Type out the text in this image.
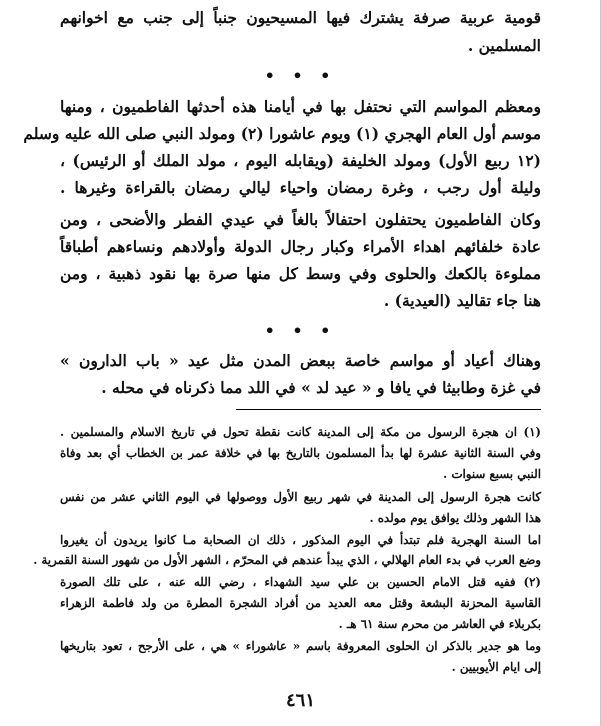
قومية عربية صرفة يشترك فيها المسيحيون جنباً إلى جنب مع اخوانهم
المسلمين .
• • •
ومعظم المواسم التي نحتفل بها في أيامنا هذه أحدثها الفاطميون ، ومنها
موسم أول العام الهجري (١) ويوم عاشورا (٢) ومولد النبي صلى الله عليه وسلم
(١٢ ربيع الأول) ومولد الخليفة (ويقابله اليوم ، مولد الملك أو الرئيس) ،
وليلة أول رجب ، وغرة رمضان واحياء ليالي رمضان بالقراءة وغيرها .
وكان الفاطميون يحتفلون احتفالاً بالغاً في عيدي الفطر والأضحى ، ومن
عادة خلفائهم اهداء الأمراء وكبار رجال الدولة وأولادهم ونساءهم أطباقاً
مملوءة بالكعك والحلوى وفي وسط كل منها صرة بها نقود ذهبية ، ومن
هنا جاء تقاليد (العيدية) .
• • •
وهناك أعياد أو مواسم خاصة ببعض المدن مثل عيد « باب الدارون »
في غزة وطابيثا في يافا و « عيد لد » في اللد مما ذكرناه في محله .
(١) ان هجرة الرسول من مكة إلى المدينة كانت نقطة تحول في تاريخ الاسلام والمسلمين .
وفي السنة الثانية عشرة لها بدأ المسلمون بالتاريخ بها في خلافة عمر بن الخطاب أي بعد وفاة
النبي بسبع سنوات .
كانت هجرة الرسول إلى المدينة في شهر ربيع الأول ووصولها في اليوم الثاني عشر من نفس
هذا الشهر وذلك يوافق يوم مولده .
اما السنة الهجرية فلم تبتدأ في اليوم المذكور ، ذلك ان الصحابة مـا كانوا يريدون أن يغيروا
وضع العرب في بدء العام الهلالي ، الذي يبدأ عندهم في المحرّم ، الشهر الأول من شهور السنة القمرية .
(٢) ففيه قتل الامام الحسين بن علي سيد الشهداء ، رضي الله عنه ، على تلك الصورة
القاسية المحزنة البشعة وقتل معه العديد من أفراد الشجرة المطرة من ولد فاطمة الزهراء
بكربلاء في العاشر من محرم سنة ٦١ هـ .
وما هو جدير بالذكر ان الحلوى المعروفة باسم « عاشوراء » هي ، على الأرجح ، تعود بتاريخها
إلى ايام الأيوبيين .
٤٦١
